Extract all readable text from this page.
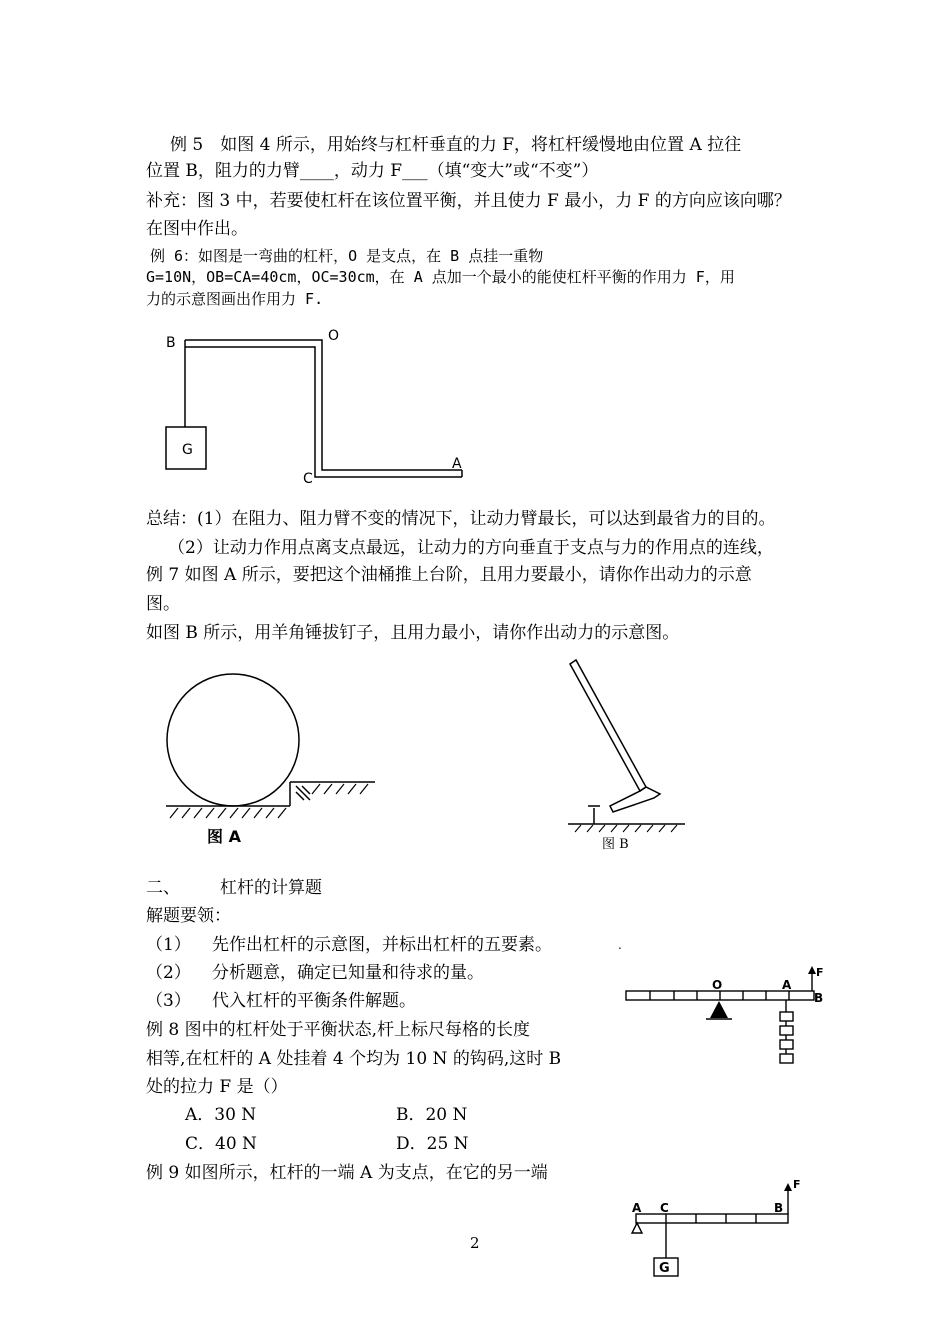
例 5　如图 4 所示，用始终与杠杆垂直的力 F，将杠杆缓慢地由位置 A 拉往
位置 B，阻力的力臂____，动力 F___（填“变大”或“不变”）
补充：图 3 中，若要使杠杆在该位置平衡，并且使力 F 最小，力 F 的方向应该向哪？
在图中作出。
例 6：如图是一弯曲的杠杆，O 是支点，在 B 点挂一重物
G=10N，OB=CA=40cm，OC=30cm，在 A 点加一个最小的能使杠杆平衡的作用力 F，用
力的示意图画出作用力 F.
B	O
C
A
G
总结：(1）在阻力、阻力臂不变的情况下，让动力臂最长，可以达到最省力的目的。
（2）让动力作用点离支点最远，让动力的方向垂直于支点与力的作用点的连线，
例 7 如图 A 所示，要把这个油桶推上台阶，且用力要最小，请你作出动力的示意
图。
如图 B 所示，用羊角锤拔钉子，且用力最小，请你作出动力的示意图。
图 A	图 B
二、 杠杆的计算题
解题要领：
（1） 先作出杠杆的示意图，并标出杠杆的五要素。
（2） 分析题意，确定已知量和待求的量。
（3） 代入杠杆的平衡条件解题。
.
例 8 图中的杠杆处于平衡状态,杆上标尺每格的长度
相等,在杠杆的 A 处挂着 4 个均为 10 N 的钩码,这时 B
处的拉力 F 是（）
A．30 N	B．20 N
C．40 N	D．25 N
O	A
B
F
例 9 如图所示，杠杆的一端 A 为支点，在它的另一端
A C	B
F
G
2
